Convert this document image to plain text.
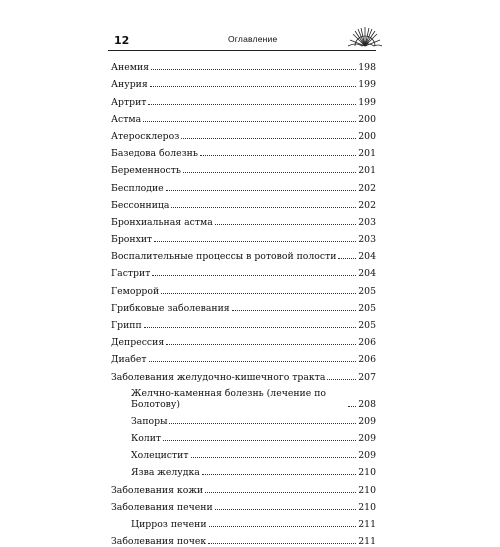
12	Оглавление
Анемия	198
Анурия	199
Артрит	199
Астма	200
Атеросклероз	200
Базедова болезнь	201
Беременность	201
Бесплодие	202
Бессонница	202
Бронхиальная астма	203
Бронхит	203
Воспалительные процессы в ротовой полости 204
Гастрит	204
Геморрой	205
Грибковые заболевания	205
Грипп	205
Депрессия	206
Диабет	206
Заболевания желудочно-кишечного тракта	207
Желчно-каменная болезнь (лечение по Болотову)	208
Запоры	209
Колит	209
Холецистит	209
Язва желудка	210
Заболевания кожи	210
Заболевания печени	210
Цирроз печени	211
Заболевания почек	211
